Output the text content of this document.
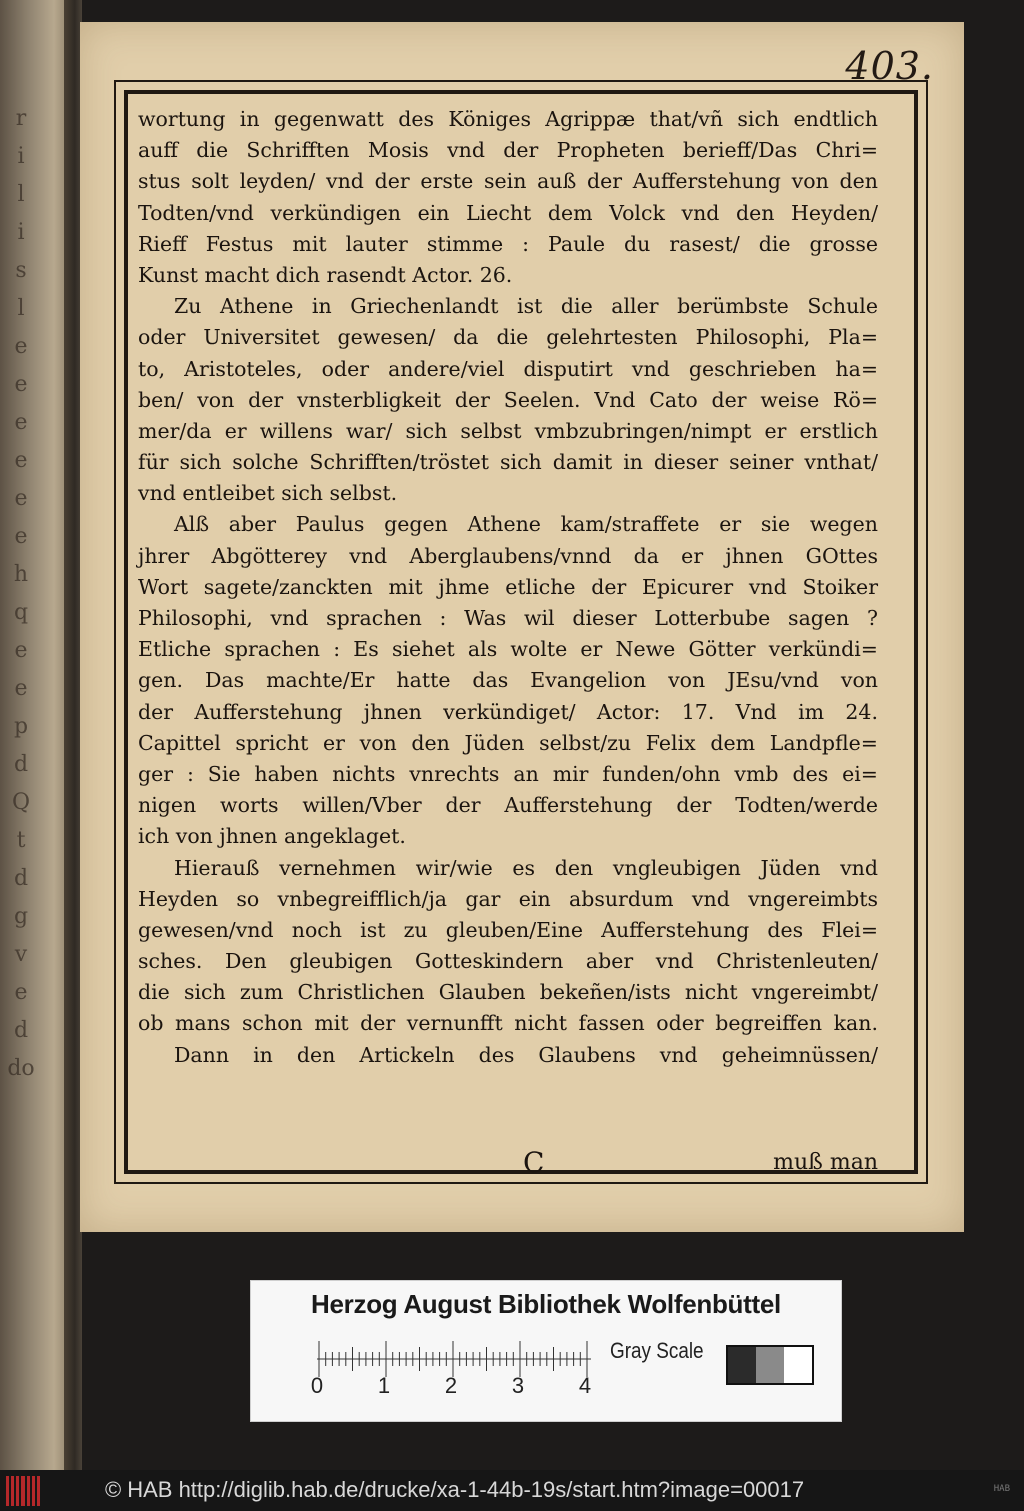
r
i
l
i
s
l
e
e
e
e
e
e
h
q
e
e
p
d
Q
t
d
g
v
e
d
do
403.
wortung in gegenwatt des Königes Agrippæ that/vñ sich endtlich
auff die Schrifften Mosis vnd der Propheten berieff/Das Chri=
stus solt leyden/ vnd der erste sein auß der Aufferstehung von den
Todten/vnd verkündigen ein Liecht dem Volck vnd den Heyden/
Rieff Festus mit lauter stimme : Paule du rasest/ die grosse
Kunst macht dich rasendt Actor. 26.
Zu Athene in Griechenlandt ist die aller berümbste Schule
oder Universitet gewesen/ da die gelehrtesten Philosophi, Pla=
to, Aristoteles, oder andere/viel disputirt vnd geschrieben ha=
ben/ von der vnsterbligkeit der Seelen. Vnd Cato der weise Rö=
mer/da er willens war/ sich selbst vmbzubringen/nimpt er erstlich
für sich solche Schrifften/tröstet sich damit in dieser seiner vnthat/
vnd entleibet sich selbst.
Alß aber Paulus gegen Athene kam/straffete er sie wegen
jhrer Abgötterey vnd Aberglaubens/vnnd da er jhnen GOttes
Wort sagete/zanckten mit jhme etliche der Epicurer vnd Stoiker
Philosophi, vnd sprachen : Was wil dieser Lotterbube sagen ?
Etliche sprachen : Es siehet als wolte er Newe Götter verkündi=
gen. Das machte/Er hatte das Evangelion von JEsu/vnd von
der Aufferstehung jhnen verkündiget/ Actor: 17. Vnd im 24.
Capittel spricht er von den Jüden selbst/zu Felix dem Landpfle=
ger : Sie haben nichts vnrechts an mir funden/ohn vmb des ei=
nigen worts willen/Vber der Aufferstehung der Todten/werde
ich von jhnen angeklaget.
Hierauß vernehmen wir/wie es den vngleubigen Jüden vnd
Heyden so vnbegreifflich/ja gar ein absurdum vnd vngereimbts
gewesen/vnd noch ist zu gleuben/Eine Aufferstehung des Flei=
sches. Den gleubigen Gotteskindern aber vnd Christenleuten/
die sich zum Christlichen Glauben bekeñen/ists nicht vngereimbt/
ob mans schon mit der vernunfft nicht fassen oder begreiffen kan.
Dann in den Artickeln des Glaubens vnd geheimnüssen/
C	muß man
Herzog August Bibliothek Wolfenbüttel
0 1 2 3 4
Gray Scale
© HAB http://diglib.hab.de/drucke/xa-1-44b-19s/start.htm?image=00017	HAB
